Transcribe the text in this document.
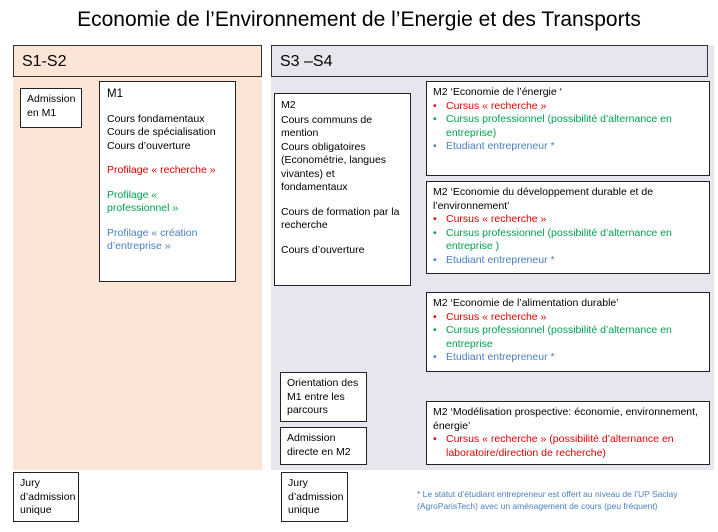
Economie de l’Environnement de l’Energie et des Transports
S1-S2
Admission en M1
M1
Cours fondamentaux
Cours de spécialisation
Cours d’ouverture
Profilage « recherche »
Profilage « professionnel »
Profilage « création d’entreprise »
Jury d’admission unique
S3 –S4
M2
Cours communs de mention
Cours obligatoires (Econométrie, langues vivantes) et fondamentaux
Cours de formation par la recherche
Cours d’ouverture
Orientation des M1 entre les parcours
Admission directe en M2
Jury d’admission unique
M2 ‘Economie de l’énergie ‘
• Cursus « recherche »
• Cursus professionnel (possibilité d’alternance en entreprise)
• Etudiant entrepreneur *
M2 ‘Economie du développement durable et de l’environnement’
• Cursus « recherche »
• Cursus professionnel (possibilité d’alternance en entreprise )
• Etudiant entrepreneur *
M2 ‘Economie de l’alimentation durable’
• Cursus « recherche »
• Cursus professionnel (possibilité d’alternance en entreprise
• Etudiant entrepreneur *
M2 ‘Modélisation prospective: économie, environnement, énergie’
• Cursus « recherche » (possibilité d’alternance en laboratoire/direction de recherche)
* Le statut d’étudiant entrepreneur est offert au niveau de l’UP Saclay (AgroParisTech) avec un aménagement de cours (peu fréquent)
